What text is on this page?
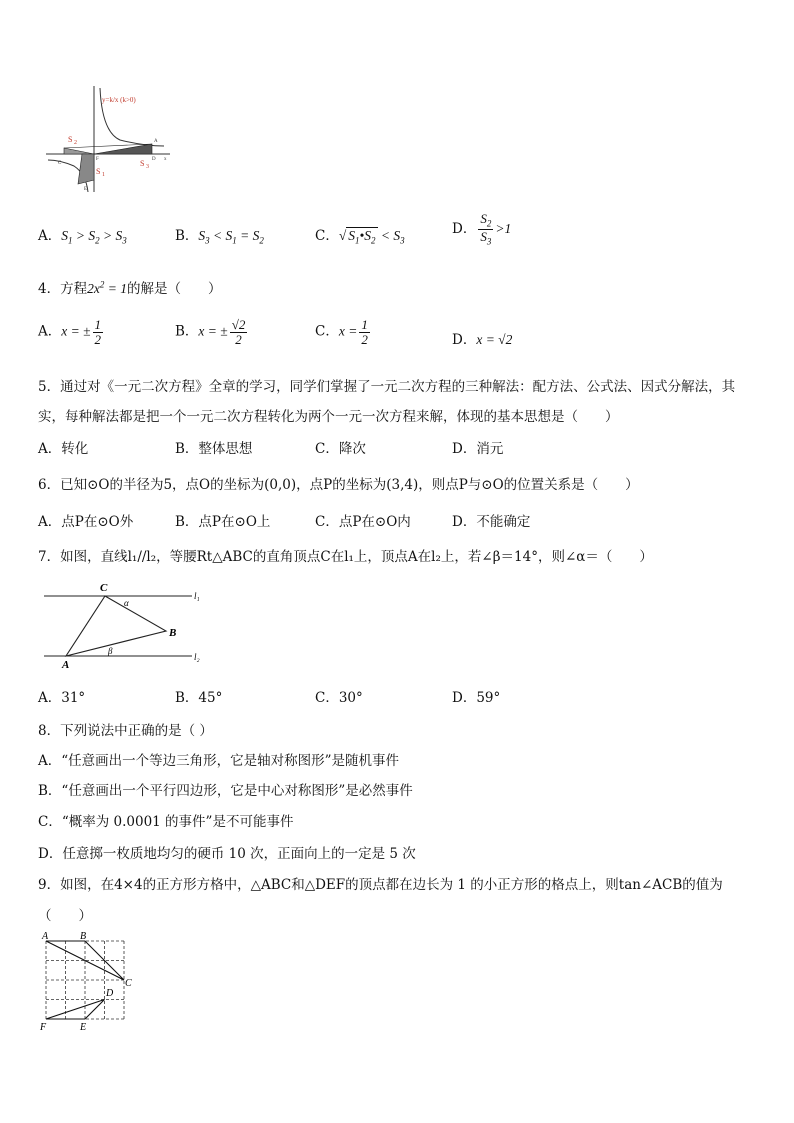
y=k/x (k>0)
S 2
S 1
S 3
A
D x
C
E
F
A．$S_1 > S_2 > S_3$	B．$S_3 < S_1 = S_2$	C．√ $S_1•S_2 < S_3$
D． $\frac{S_2}{S_3} >1$
4．方程$2x^2 = 1$的解是（　　）
A．x = ± $\frac{1}{2}$	B．x = ± $\frac{√2}{2}$	C．$x = \frac{1}{2}$	D．x = √2
5．通过对《一元二次方程》全章的学习，同学们掌握了一元二次方程的三种解法：配方法、公式法、因式分解法，其
实，每种解法都是把一个一元二次方程转化为两个一元一次方程来解，体现的基本思想是（　　）
A．转化	B．整体思想	C．降次	D．消元
6．已知⊙O的半径为5，点O的坐标为(0,0)，点P的坐标为(3,4)，则点P与⊙O的位置关系是（　　）
A．点P在⊙O外	B．点P在⊙O上	C．点P在⊙O内	D．不能确定
7．如图，直线l₁//l₂，等腰Rt△ABC的直角顶点C在l₁上，顶点A在l₂上，若∠β＝14°，则∠α＝（　　）
C
B
A
α
β
l₁
l₂
A．31°	B．45°	C．30°	D．59°
8．下列说法中正确的是（ ）
A．“任意画出一个等边三角形，它是轴对称图形”是随机事件
B．“任意画出一个平行四边形，它是中心对称图形”是必然事件
C．“概率为 0.0001 的事件”是不可能事件
D．任意掷一枚质地均匀的硬币 10 次，正面向上的一定是 5 次
9．如图，在4×4的正方形方格中，△ABC和△DEF的顶点都在边长为 1 的小正方形的格点上，则tan∠ACB的值为
（　　）
A	B
C
D
E
F
